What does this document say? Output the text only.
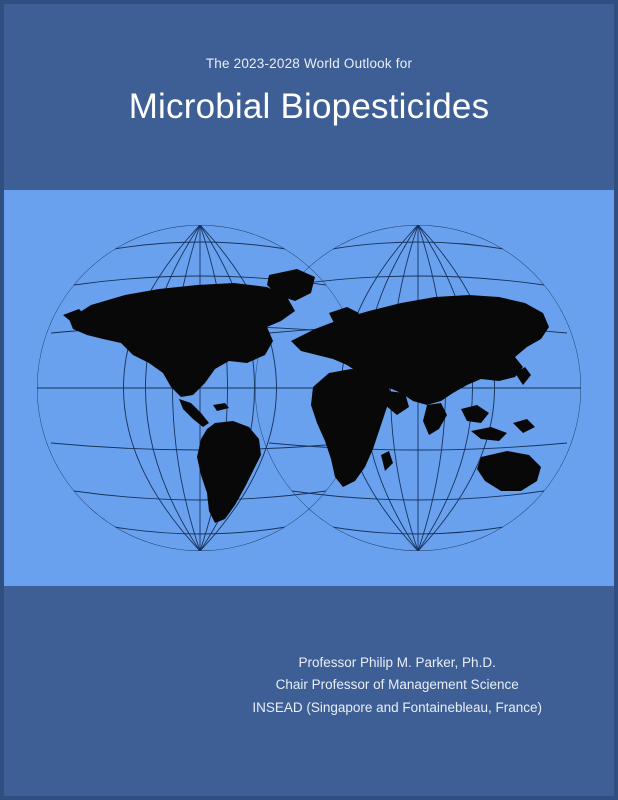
The 2023-2028 World Outlook for
Microbial Biopesticides
Professor Philip M. Parker, Ph.D.
Chair Professor of Management Science
INSEAD (Singapore and Fontainebleau, France)
